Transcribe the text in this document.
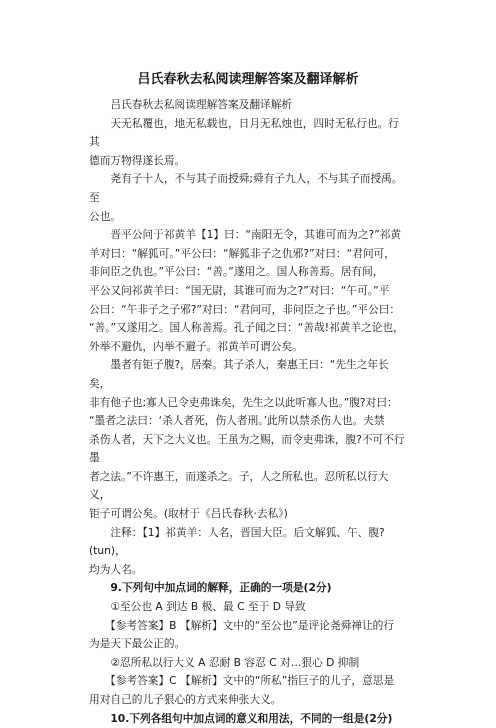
吕氏春秋去私阅读理解答案及翻译解析
　　吕氏春秋去私阅读理解答案及翻译解析
　　天无私覆也，地无私载也，日月无私烛也，四时无私行也。行其
德而万物得遂长焉。
　　尧有子十人，不与其子而授舜;舜有子九人，不与其子而授禹。至
公也。
　　晋平公问于祁黄羊【1】曰：“南阳无令，其谁可而为之?”祁黄
羊对曰：“解狐可。”平公曰：“解狐非子之仇邪?”对曰：“君问可，
非问臣之仇也。”平公曰：“善。”遂用之。国人称善焉。居有间，
平公又问祁黄羊曰：“国无尉，其谁可而为之?”对曰：“午可。”平
公曰：“午非子之子邪?”对曰：“君问可，非问臣之子也。”平公曰：
“善。”又遂用之。国人称善焉。孔子闻之曰：“善哉!祁黄羊之论也，
外举不避仇，内举不避子。祁黄羊可谓公矣。
　　墨者有钜子腹?，居秦。其子杀人，秦惠王曰：“先生之年长矣，
非有他子也;寡人已令吏弗诛矣，先生之以此听寡人也。”腹?对曰：
“墨者之法曰：‘杀人者死，伤人者刑。’此所以禁杀伤人也。夫禁
杀伤人者，天下之大义也。王虽为之赐，而令吏弗诛，腹?不可不行墨
者之法。”不许惠王，而遂杀之。子，人之所私也。忍所私以行大义，
钜子可谓公矣。(取材于《吕氏春秋·去私》)
　　注释：【1】祁黄羊：人名，晋国大臣。后文解狐、午、腹?(tun)，
均为人名。
　　9.下列句中加点词的解释，正确的一项是(2分)
　　①至公也 A 到达 B 极、最 C 至于 D 导致
　　【参考答案】B 【解析】文中的“至公也”是评论尧舜禅让的行
为是天下最公正的。
　　②忍所私以行大义 A 忍耐 B 容忍 C 对…狠心 D 抑制
　　【参考答案】C 【解析】文中的“所私”指巨子的儿子，意思是
用对自己的儿子狠心的方式来伸张大义。
　　10.下列各组句中加点词的意义和用法，不同的一组是(2分)
